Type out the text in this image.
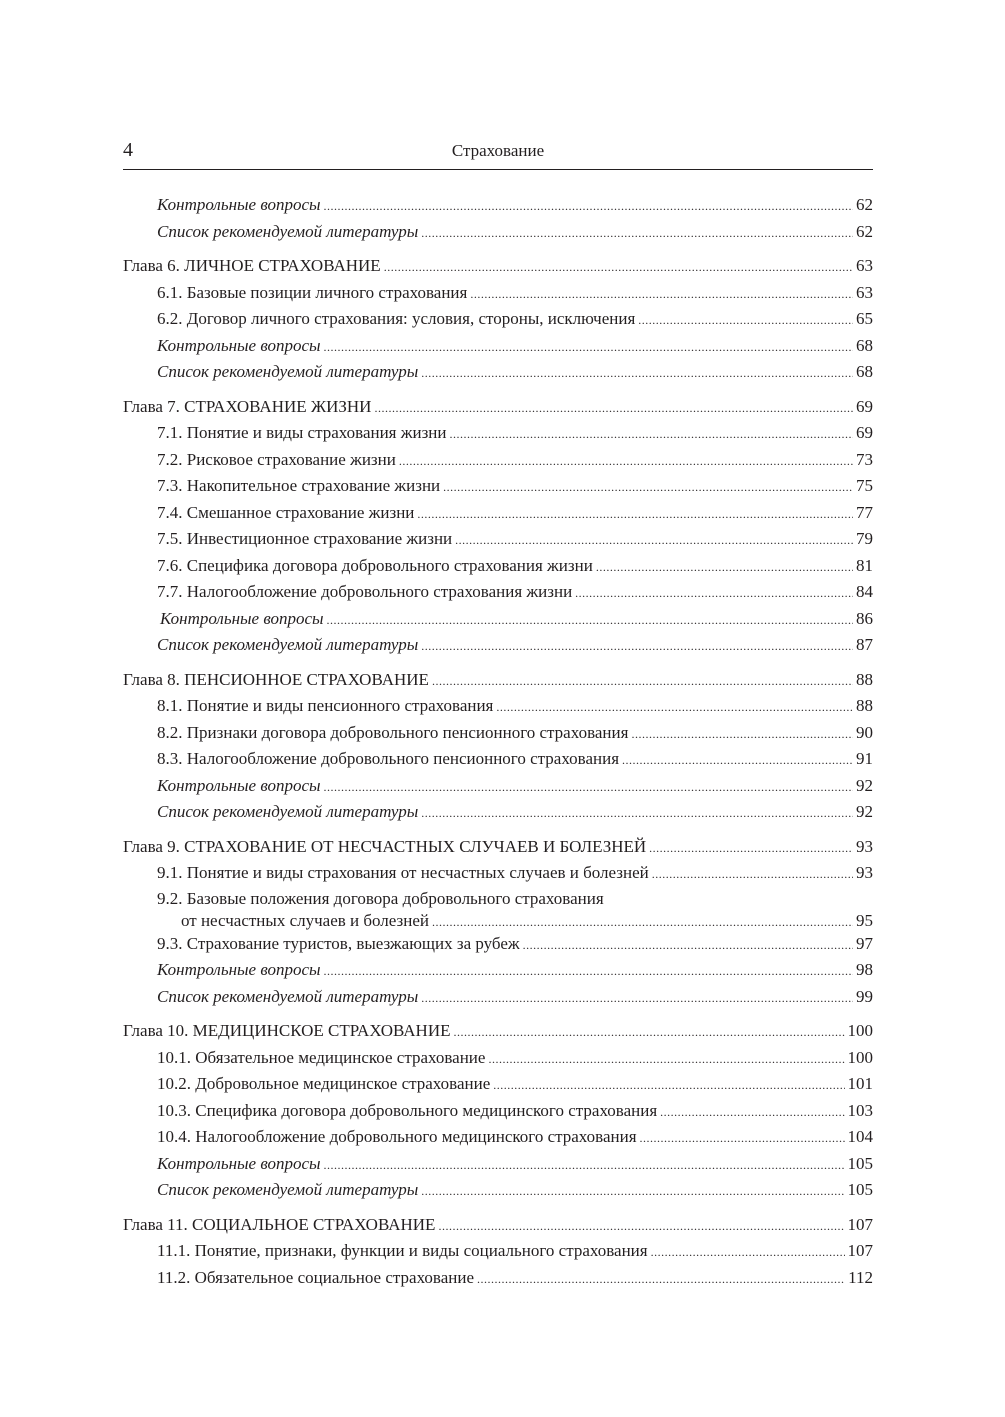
4	Страхование
Контрольные вопросы .....	62
Список рекомендуемой литературы .....	62
Глава 6. ЛИЧНОЕ СТРАХОВАНИЕ .....	63
6.1. Базовые позиции личного страхования .....	63
6.2. Договор личного страхования: условия, стороны, исключения .....	65
Контрольные вопросы .....	68
Список рекомендуемой литературы .....	68
Глава 7. СТРАХОВАНИЕ ЖИЗНИ .....	69
7.1. Понятие и виды страхования жизни .....	69
7.2. Рисковое страхование жизни .....	73
7.3. Накопительное страхование жизни .....	75
7.4. Смешанное страхование жизни .....	77
7.5. Инвестиционное страхование жизни .....	79
7.6. Специфика договора добровольного страхования жизни .....	81
7.7. Налогообложение добровольного страхования жизни .....	84
Контрольные вопросы .....	86
Список рекомендуемой литературы .....	87
Глава 8. ПЕНСИОННОЕ СТРАХОВАНИЕ .....	88
8.1. Понятие и виды пенсионного страхования .....	88
8.2. Признаки договора добровольного пенсионного страхования .....	90
8.3. Налогообложение добровольного пенсионного страхования .....	91
Контрольные вопросы .....	92
Список рекомендуемой литературы .....	92
Глава 9. СТРАХОВАНИЕ ОТ НЕСЧАСТНЫХ СЛУЧАЕВ И БОЛЕЗНЕЙ .....	93
9.1. Понятие и виды страхования от несчастных случаев и болезней .....	93
9.2. Базовые положения договора добровольного страхования
от несчастных случаев и болезней .....	95
9.3. Страхование туристов, выезжающих за рубеж .....	97
Контрольные вопросы .....	98
Список рекомендуемой литературы .....	99
Глава 10. МЕДИЦИНСКОЕ СТРАХОВАНИЕ .....	100
10.1. Обязательное медицинское страхование .....	100
10.2. Добровольное медицинское страхование .....	101
10.3. Специфика договора добровольного медицинского страхования .....	103
10.4. Налогообложение добровольного медицинского страхования .....	104
Контрольные вопросы .....	105
Список рекомендуемой литературы .....	105
Глава 11. СОЦИАЛЬНОЕ СТРАХОВАНИЕ .....	107
11.1. Понятие, признаки, функции и виды социального страхования .....	107
11.2. Обязательное социальное страхование .....	112
